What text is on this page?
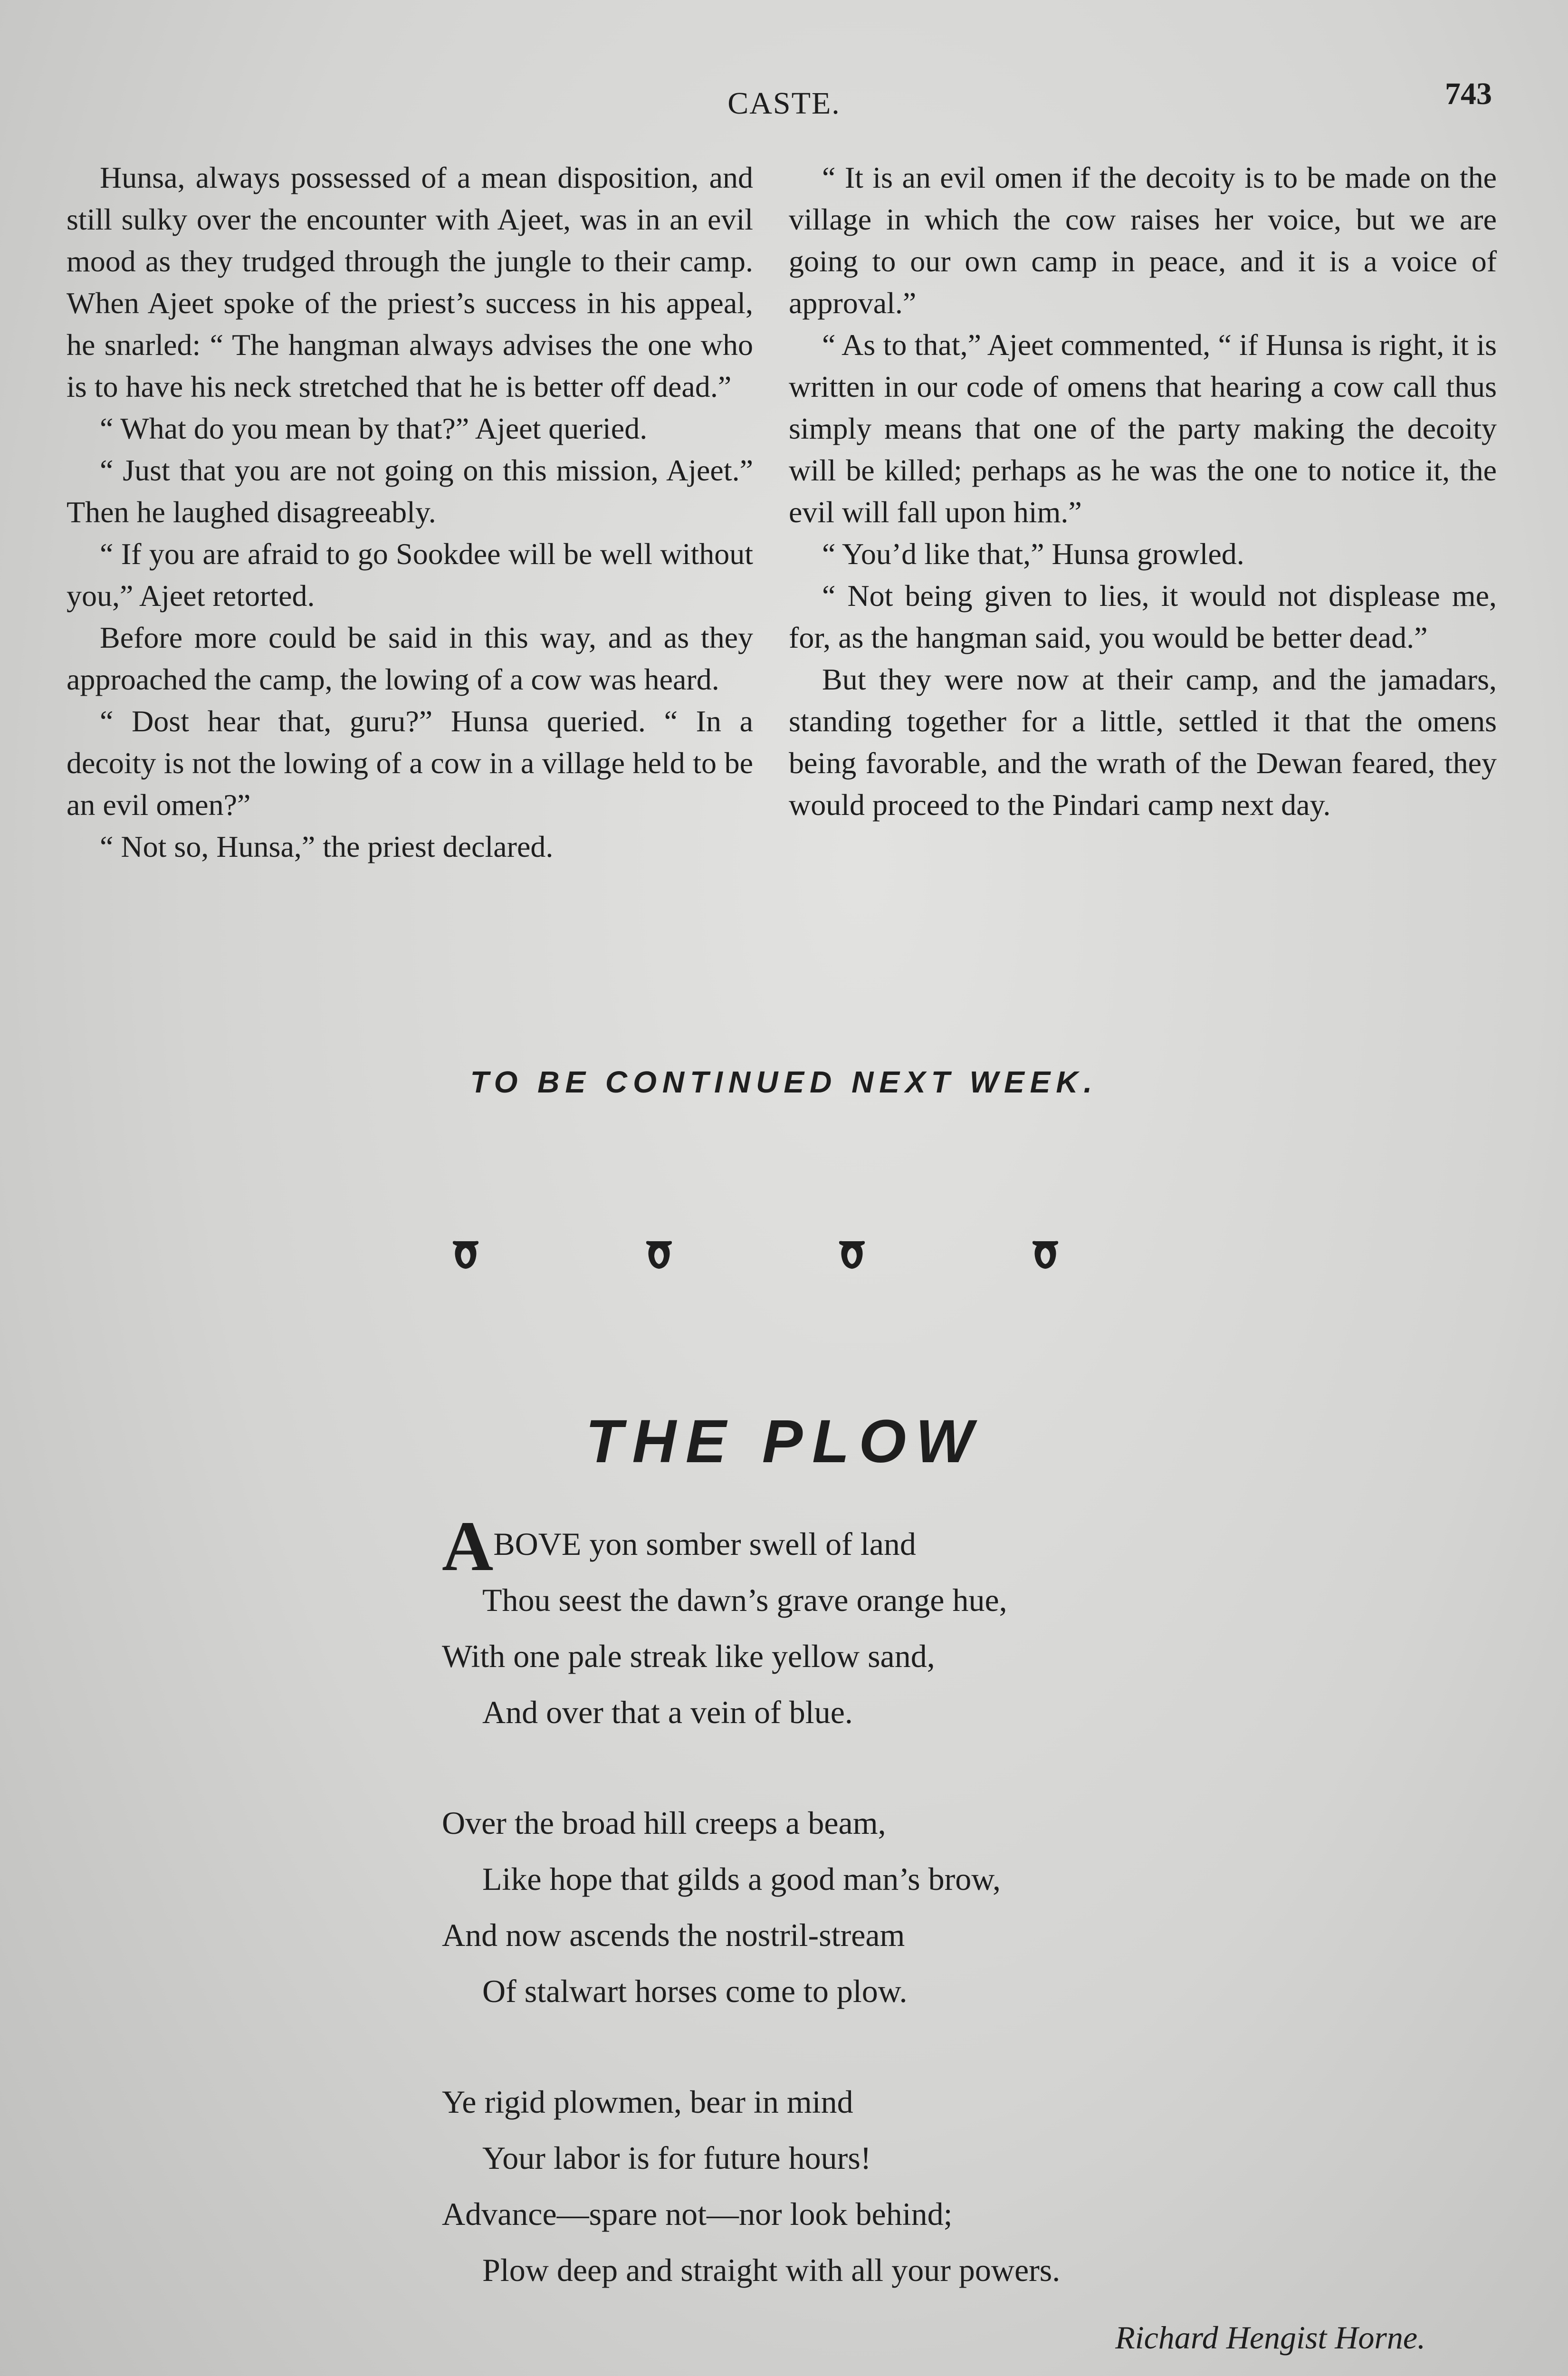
CASTE.	743

Hunsa, always possessed of a mean disposition, and still sulky over the encounter with Ajeet, was in an evil mood as they trudged through the jungle to their camp. When Ajeet spoke of the priest’s success in his appeal, he snarled: “ The hangman always advises the one who is to have his neck stretched that he is better off dead.”

“ What do you mean by that?” Ajeet queried.

“ Just that you are not going on this mission, Ajeet.” Then he laughed disagreeably.

“ If you are afraid to go Sookdee will be well without you,” Ajeet retorted.

Before more could be said in this way, and as they approached the camp, the lowing of a cow was heard.

“ Dost hear that, guru?” Hunsa queried. “ In a decoity is not the lowing of a cow in a village held to be an evil omen?”

“ Not so, Hunsa,” the priest declared.

“ It is an evil omen if the decoity is to be made on the village in which the cow raises her voice, but we are going to our own camp in peace, and it is a voice of approval.”

“ As to that,” Ajeet commented, “ if Hunsa is right, it is written in our code of omens that hearing a cow call thus simply means that one of the party making the decoity will be killed; perhaps as he was the one to notice it, the evil will fall upon him.”

“ You’d like that,” Hunsa growled.

“ Not being given to lies, it would not displease me, for, as the hangman said, you would be better dead.”

But they were now at their camp, and the jamadars, standing together for a little, settled it that the omens being favorable, and the wrath of the Dewan feared, they would proceed to the Pindari camp next day.

TO BE CONTINUED NEXT WEEK.
THE PLOW
ABOVE yon somber swell of land
Thou seest the dawn’s grave orange hue,
With one pale streak like yellow sand,
And over that a vein of blue.
Over the broad hill creeps a beam,
Like hope that gilds a good man’s brow,
And now ascends the nostril-stream
Of stalwart horses come to plow.
Ye rigid plowmen, bear in mind
Your labor is for future hours!
Advance—spare not—nor look behind;
Plow deep and straight with all your powers.
Richard Hengist Horne.
